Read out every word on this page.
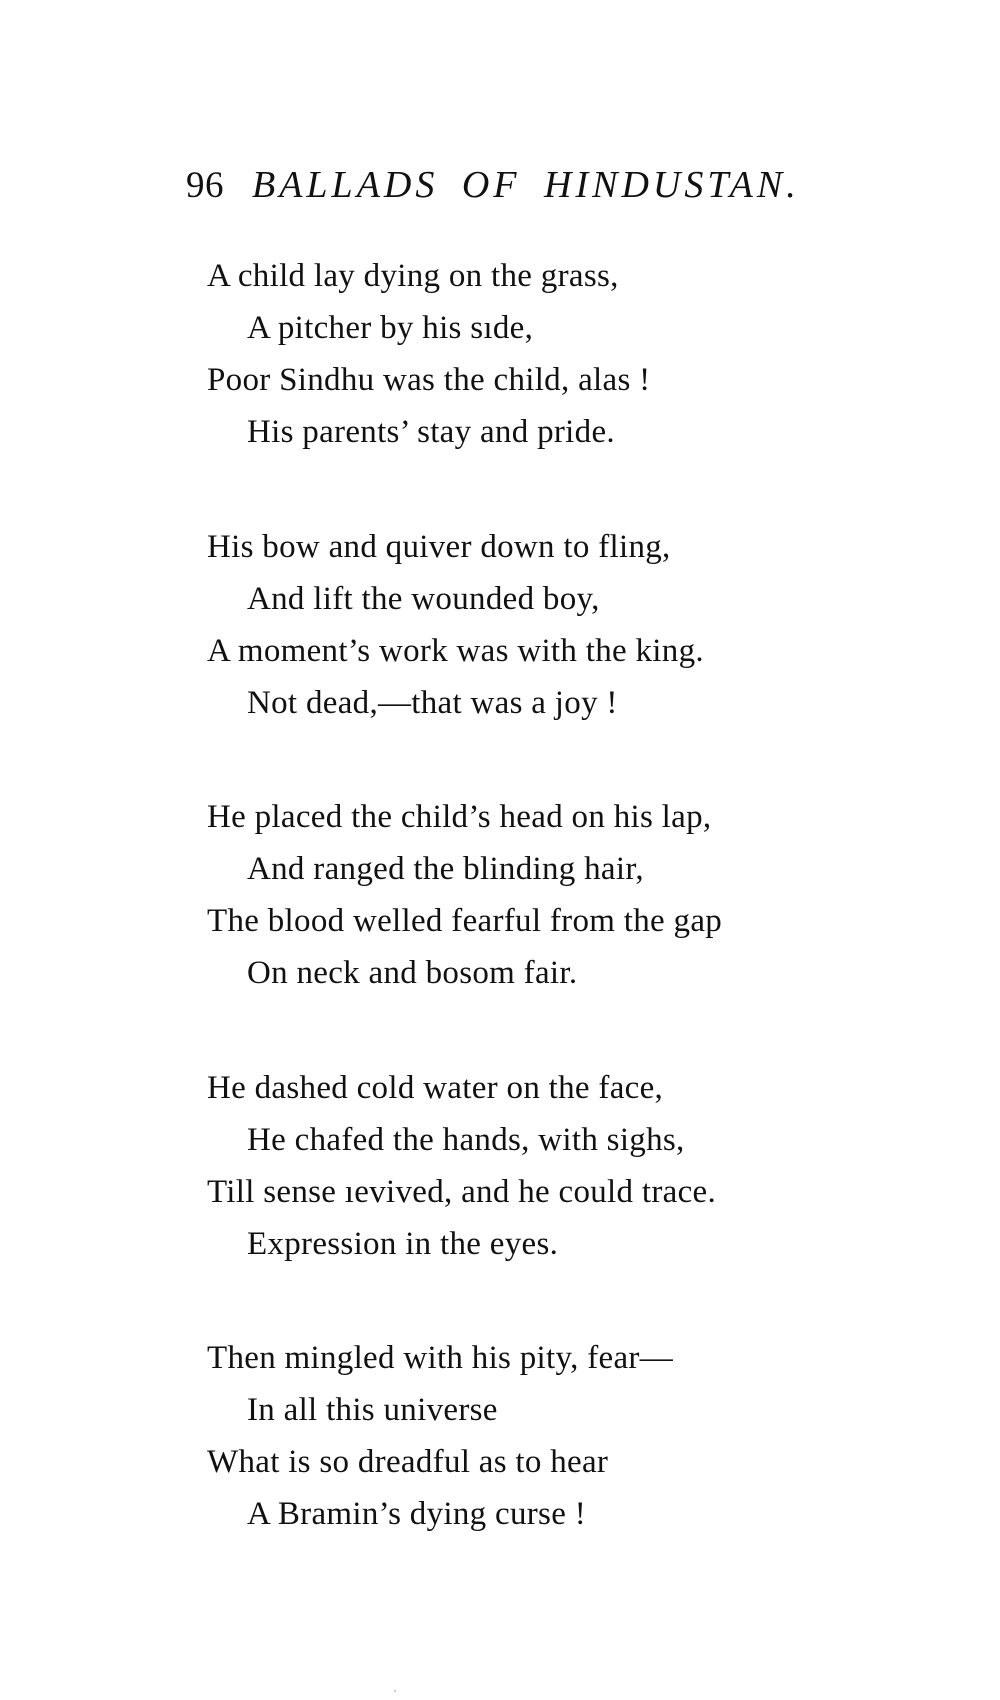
96 BALLADS OF HINDUSTAN.
A child lay dying on the grass,
A pitcher by his sıde,
Poor Sindhu was the child, alas !
His parents’ stay and pride.
His bow and quiver down to fling,
And lift the wounded boy,
A moment’s work was with the king.
Not dead,—that was a joy !
He placed the child’s head on his lap,
And ranged the blinding hair,
The blood welled fearful from the gap
On neck and bosom fair.
He dashed cold water on the face,
He chafed the hands, with sighs,
Till sense ıevived, and he could trace.
Expression in the eyes.
Then mingled with his pity, fear—
In all this universe
What is so dreadful as to hear
A Bramin’s dying curse !
